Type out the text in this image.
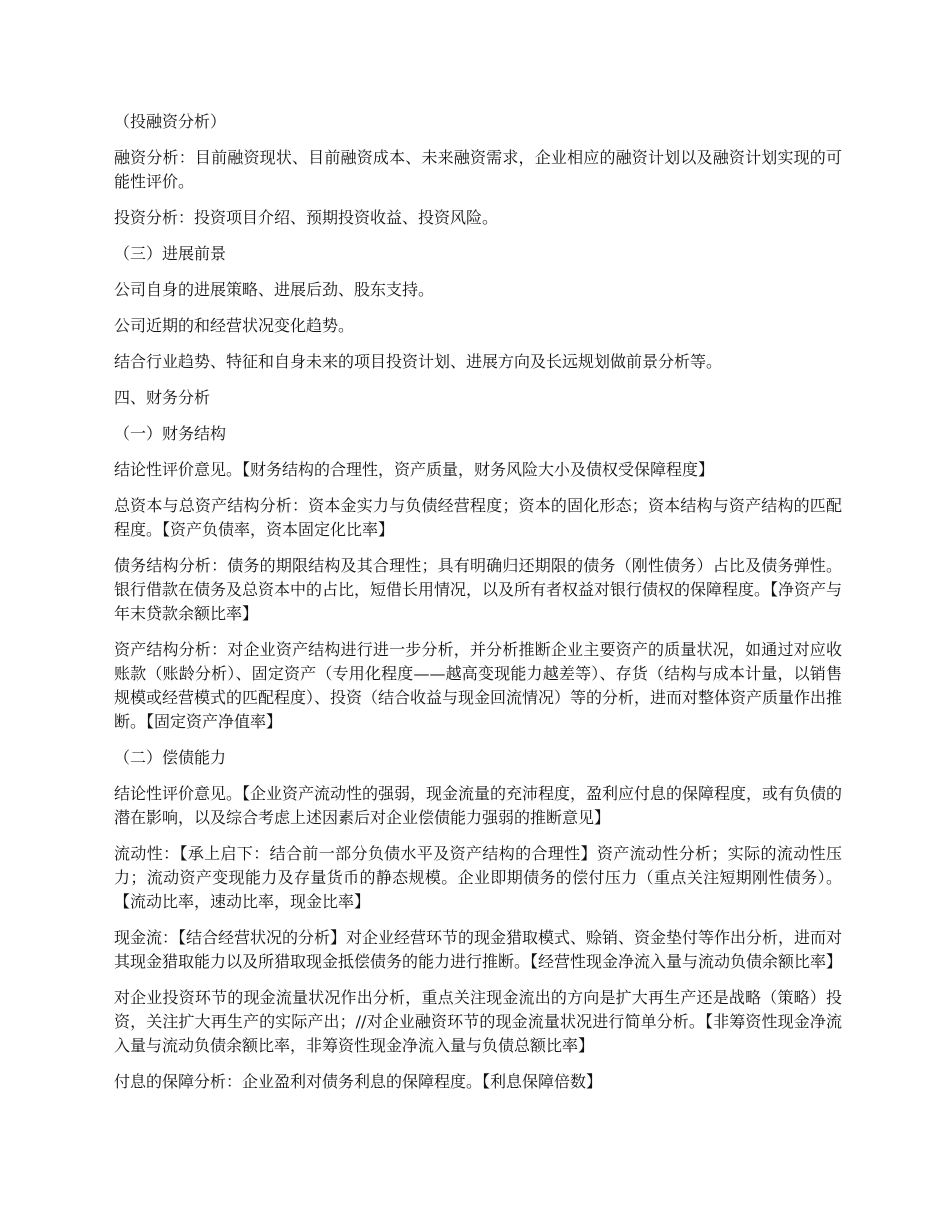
（投融资分析）

融资分析：目前融资现状、目前融资成本、未来融资需求，企业相应的融资计划以及融资计划实现的可能性评价。

投资分析：投资项目介绍、预期投资收益、投资风险。

（三）进展前景

公司自身的进展策略、进展后劲、股东支持。

公司近期的和经营状况变化趋势。

结合行业趋势、特征和自身未来的项目投资计划、进展方向及长远规划做前景分析等。

四、财务分析

（一）财务结构

结论性评价意见。【财务结构的合理性，资产质量，财务风险大小及债权受保障程度】

总资本与总资产结构分析：资本金实力与负债经营程度；资本的固化形态；资本结构与资产结构的匹配程度。【资产负债率，资本固定化比率】

债务结构分析：债务的期限结构及其合理性；具有明确归还期限的债务（刚性债务）占比及债务弹性。银行借款在债务及总资本中的占比，短借长用情况，以及所有者权益对银行债权的保障程度。【净资产与年末贷款余额比率】

资产结构分析：对企业资产结构进行进一步分析，并分析推断企业主要资产的质量状况，如通过对应收账款（账龄分析）、固定资产（专用化程度——越高变现能力越差等）、存货（结构与成本计量，以销售规模或经营模式的匹配程度）、投资（结合收益与现金回流情况）等的分析，进而对整体资产质量作出推断。【固定资产净值率】

（二）偿债能力

结论性评价意见。【企业资产流动性的强弱，现金流量的充沛程度，盈利应付息的保障程度，或有负债的潜在影响，以及综合考虑上述因素后对企业偿债能力强弱的推断意见】

流动性：【承上启下：结合前一部分负债水平及资产结构的合理性】资产流动性分析；实际的流动性压力；流动资产变现能力及存量货币的静态规模。企业即期债务的偿付压力（重点关注短期刚性债务）。【流动比率，速动比率，现金比率】

现金流：【结合经营状况的分析】对企业经营环节的现金猎取模式、赊销、资金垫付等作出分析，进而对其现金猎取能力以及所猎取现金抵偿债务的能力进行推断。【经营性现金净流入量与流动负债余额比率】

对企业投资环节的现金流量状况作出分析，重点关注现金流出的方向是扩大再生产还是战略（策略）投资，关注扩大再生产的实际产出；//对企业融资环节的现金流量状况进行简单分析。【非筹资性现金净流入量与流动负债余额比率，非筹资性现金净流入量与负债总额比率】

付息的保障分析：企业盈利对债务利息的保障程度。【利息保障倍数】
